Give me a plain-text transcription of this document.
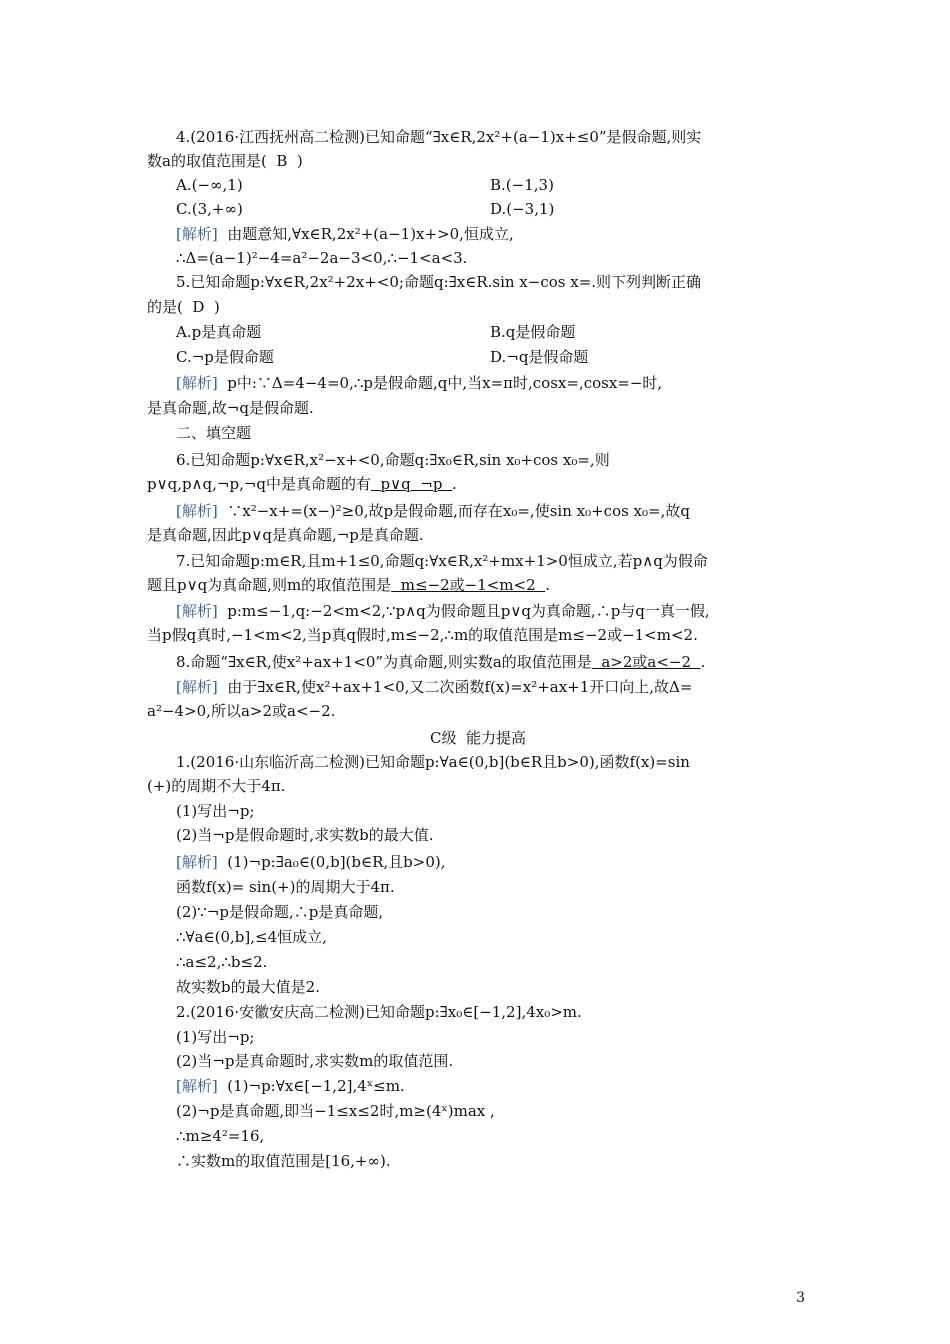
4.(2016·江西抚州高二检测)已知命题“∃x∈R,2x²+(a−1)x+≤0”是假命题,则实
数a的取值范围是(  B  )
A.(−∞,1)	B.(−1,3)
C.(3,+∞)	D.(−3,1)
[解析]  由题意知,∀x∈R,2x²+(a−1)x+>0,恒成立,
∴Δ=(a−1)²−4=a²−2a−3<0,∴−1<a<3.
5.已知命题p:∀x∈R,2x²+2x+<0;命题q:∃x∈R.sin x−cos x=.则下列判断正确
的是(  D  )
A.p是真命题	B.q是假命题
C.¬p是假命题	D.¬q是假命题
[解析]  p中:∵Δ=4−4=0,∴p是假命题,q中,当x=π时,cosx=,cosx=−时,
是真命题,故¬q是假命题.
二、填空题
6.已知命题p:∀x∈R,x²−x+<0,命题q:∃x₀∈R,sin x₀+cos x₀=,则
p∨q,p∧q,¬p,¬q中是真命题的有  p∨q  ¬p  .
[解析]  ∵x²−x+=(x−)²≥0,故p是假命题,而存在x₀=,使sin x₀+cos x₀=,故q
是真命题,因此p∨q是真命题,¬p是真命题.
7.已知命题p:m∈R,且m+1≤0,命题q:∀x∈R,x²+mx+1>0恒成立,若p∧q为假命
题且p∨q为真命题,则m的取值范围是  m≤−2或−1<m<2  .
[解析]  p:m≤−1,q:−2<m<2,∵p∧q为假命题且p∨q为真命题,∴p与q一真一假,
当p假q真时,−1<m<2,当p真q假时,m≤−2,∴m的取值范围是m≤−2或−1<m<2.
8.命题“∃x∈R,使x²+ax+1<0”为真命题,则实数a的取值范围是  a>2或a<−2  .
[解析]  由于∃x∈R,使x²+ax+1<0,又二次函数f(x)=x²+ax+1开口向上,故Δ=
a²−4>0,所以a>2或a<−2.
C级  能力提高
1.(2016·山东临沂高二检测)已知命题p:∀a∈(0,b](b∈R且b>0),函数f(x)=sin
(+)的周期不大于4π.
(1)写出¬p;
(2)当¬p是假命题时,求实数b的最大值.
[解析]  (1)¬p:∃a₀∈(0,b](b∈R,且b>0),
函数f(x)= sin(+)的周期大于4π.
(2)∵¬p是假命题,∴p是真命题,
∴∀a∈(0,b],≤4恒成立,
∴a≤2,∴b≤2.
故实数b的最大值是2.
2.(2016·安徽安庆高二检测)已知命题p:∃x₀∈[−1,2],4x₀>m.
(1)写出¬p;
(2)当¬p是真命题时,求实数m的取值范围.
[解析]  (1)¬p:∀x∈[−1,2],4ˣ≤m.
(2)¬p是真命题,即当−1≤x≤2时,m≥(4ˣ)max ,
∴m≥4²=16,
∴实数m的取值范围是[16,+∞).
3
